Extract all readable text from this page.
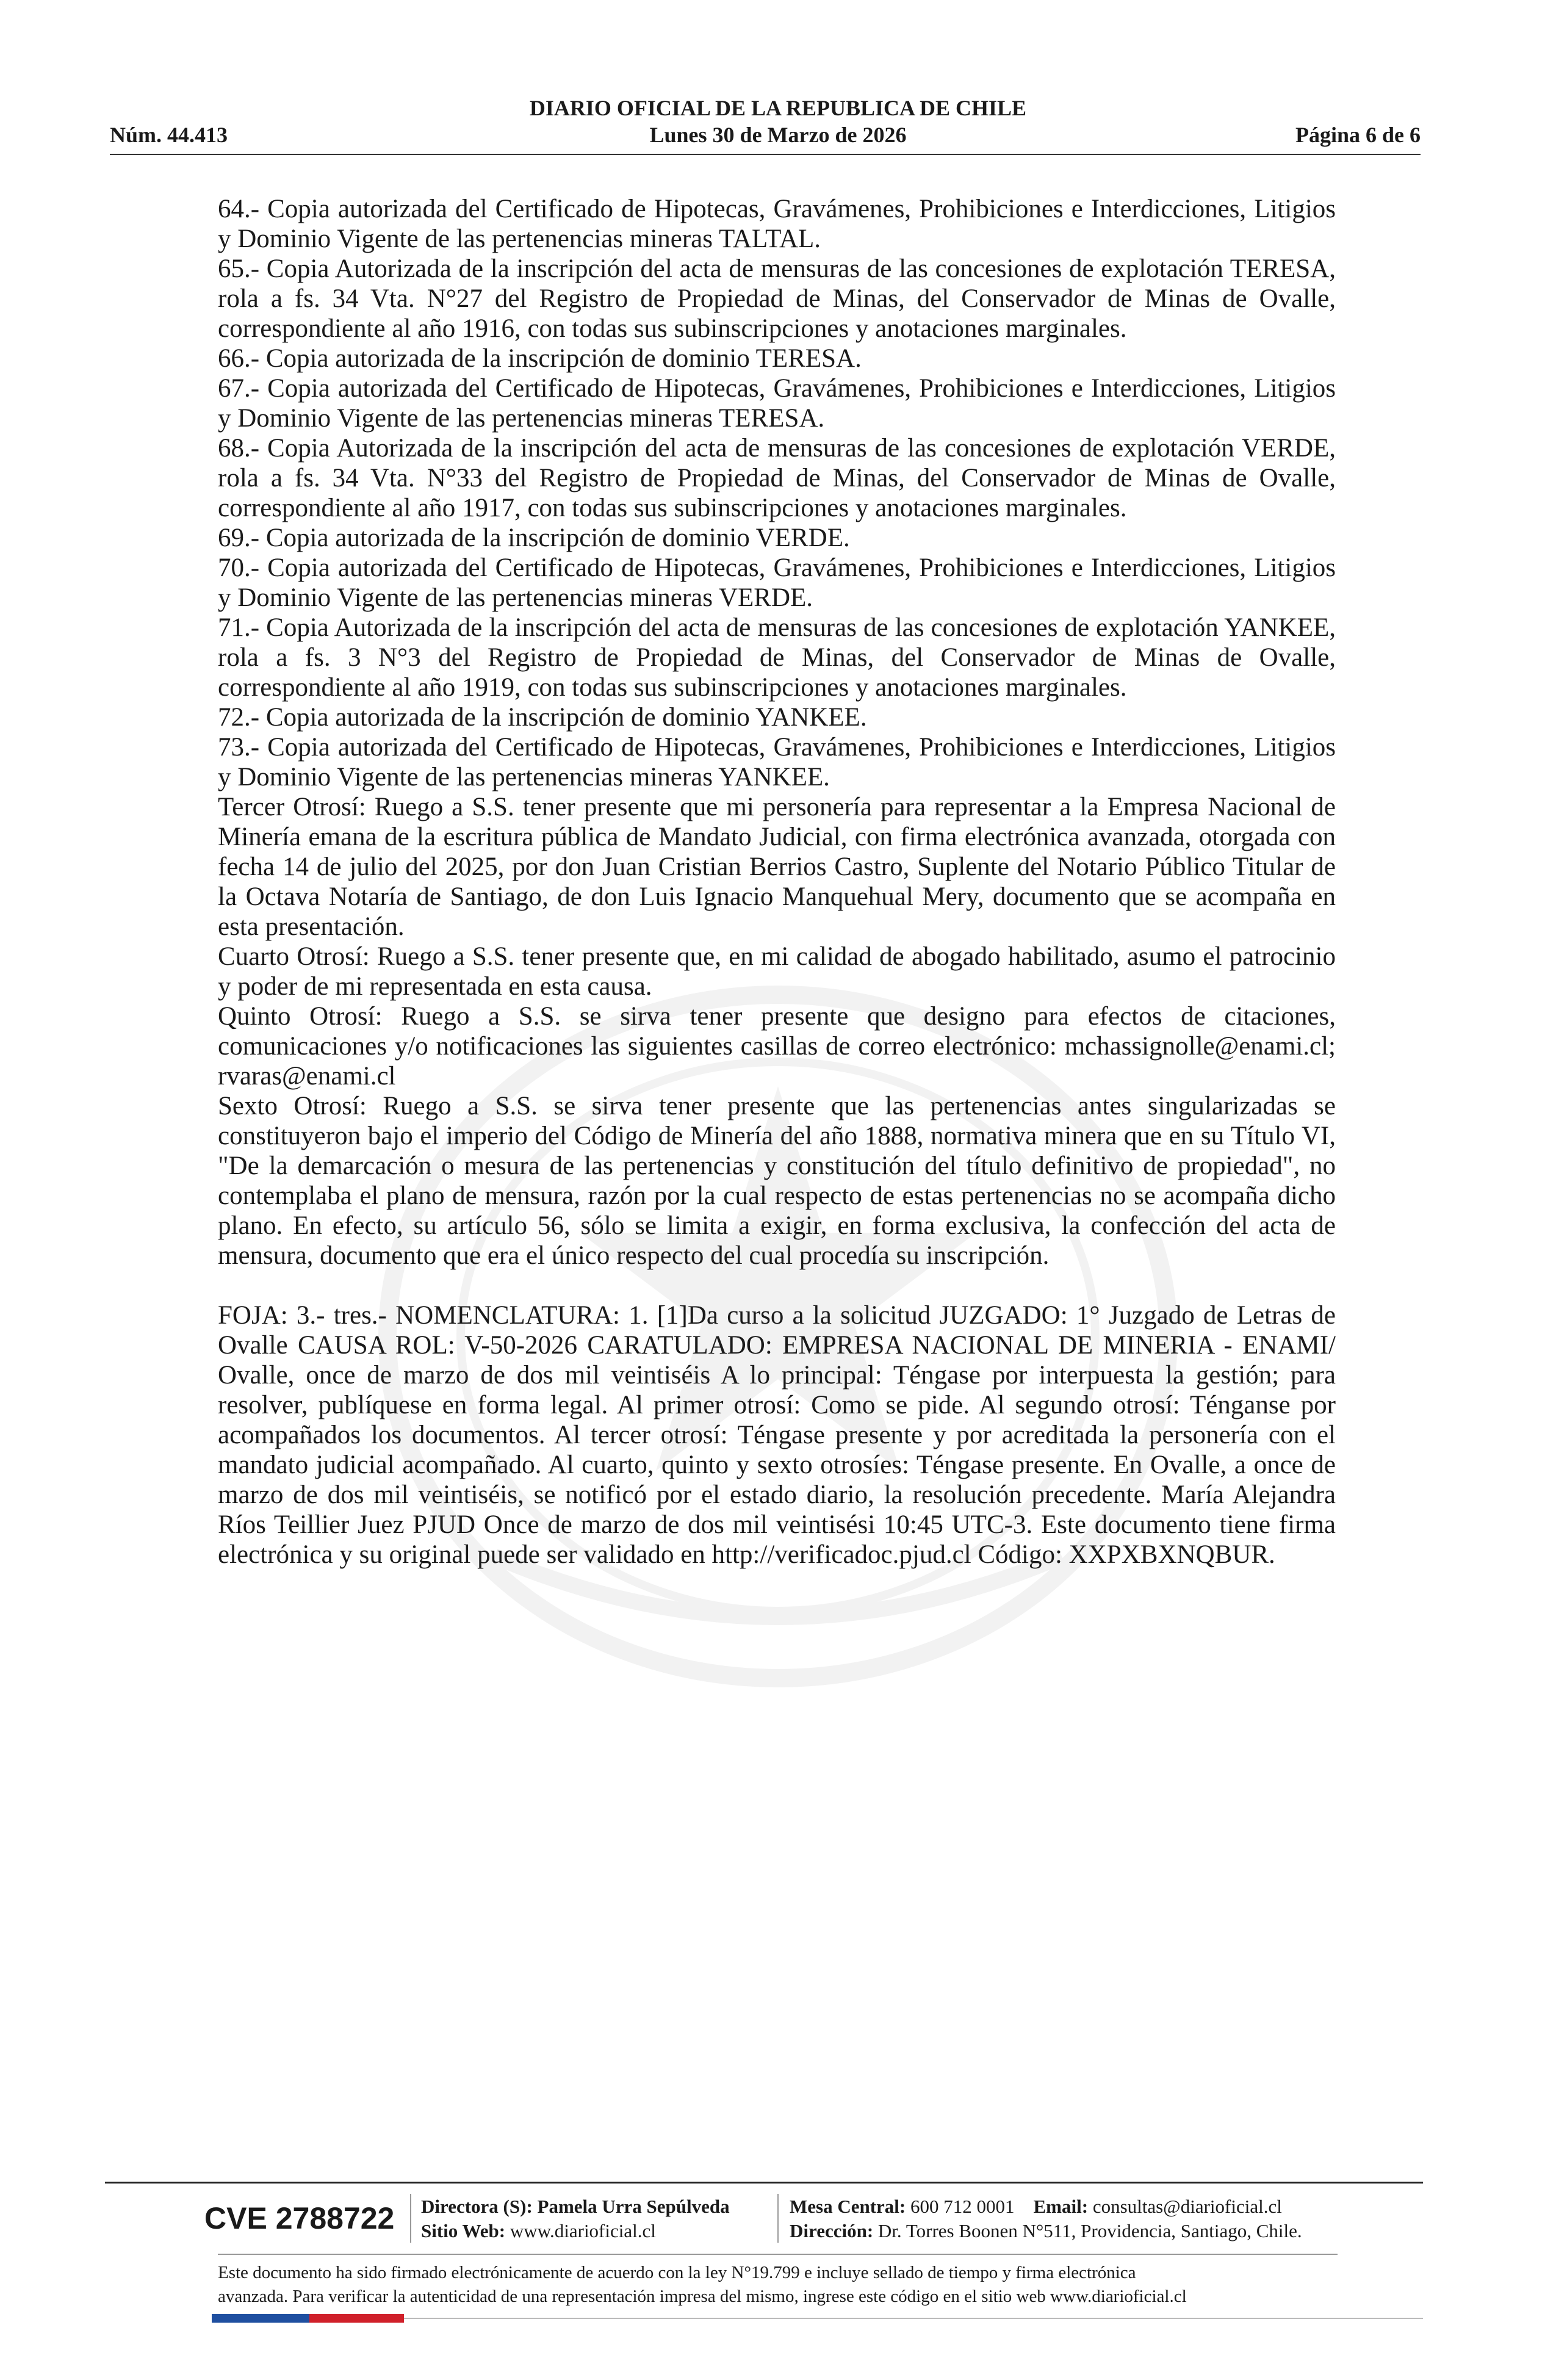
DIARIO OFICIAL DE LA REPUBLICA DE CHILE
Núm. 44.413	Lunes 30 de Marzo de 2026	Página 6 de 6

64.- Copia autorizada del Certificado de Hipotecas, Gravámenes, Prohibiciones e Interdicciones, Litigios y Dominio Vigente de las pertenencias mineras TALTAL.

65.- Copia Autorizada de la inscripción del acta de mensuras de las concesiones de explotación TERESA, rola a fs. 34 Vta. N°27 del Registro de Propiedad de Minas, del Conservador de Minas de Ovalle, correspondiente al año 1916, con todas sus subinscripciones y anotaciones marginales.

66.- Copia autorizada de la inscripción de dominio TERESA.

67.- Copia autorizada del Certificado de Hipotecas, Gravámenes, Prohibiciones e Interdicciones, Litigios y Dominio Vigente de las pertenencias mineras TERESA.

68.- Copia Autorizada de la inscripción del acta de mensuras de las concesiones de explotación VERDE, rola a fs. 34 Vta. N°33 del Registro de Propiedad de Minas, del Conservador de Minas de Ovalle, correspondiente al año 1917, con todas sus subinscripciones y anotaciones marginales.

69.- Copia autorizada de la inscripción de dominio VERDE.

70.- Copia autorizada del Certificado de Hipotecas, Gravámenes, Prohibiciones e Interdicciones, Litigios y Dominio Vigente de las pertenencias mineras VERDE.

71.- Copia Autorizada de la inscripción del acta de mensuras de las concesiones de explotación YANKEE, rola a fs. 3 N°3 del Registro de Propiedad de Minas, del Conservador de Minas de Ovalle, correspondiente al año 1919, con todas sus subinscripciones y anotaciones marginales.

72.- Copia autorizada de la inscripción de dominio YANKEE.

73.- Copia autorizada del Certificado de Hipotecas, Gravámenes, Prohibiciones e Interdicciones, Litigios y Dominio Vigente de las pertenencias mineras YANKEE.

Tercer Otrosí: Ruego a S.S. tener presente que mi personería para representar a la Empresa Nacional de Minería emana de la escritura pública de Mandato Judicial, con firma electrónica avanzada, otorgada con fecha 14 de julio del 2025, por don Juan Cristian Berrios Castro, Suplente del Notario Público Titular de la Octava Notaría de Santiago, de don Luis Ignacio Manquehual Mery, documento que se acompaña en esta presentación.

Cuarto Otrosí: Ruego a S.S. tener presente que, en mi calidad de abogado habilitado, asumo el patrocinio y poder de mi representada en esta causa.

Quinto Otrosí: Ruego a S.S. se sirva tener presente que designo para efectos de citaciones, comunicaciones y/o notificaciones las siguientes casillas de correo electrónico: mchassignolle@enami.cl; rvaras@enami.cl

Sexto Otrosí: Ruego a S.S. se sirva tener presente que las pertenencias antes singularizadas se constituyeron bajo el imperio del Código de Minería del año 1888, normativa minera que en su Título VI, "De la demarcación o mesura de las pertenencias y constitución del título definitivo de propiedad", no contemplaba el plano de mensura, razón por la cual respecto de estas pertenencias no se acompaña dicho plano. En efecto, su artículo 56, sólo se limita a exigir, en forma exclusiva, la confección del acta de mensura, documento que era el único respecto del cual procedía su inscripción.

FOJA: 3.- tres.- NOMENCLATURA: 1. [1]Da curso a la solicitud JUZGADO: 1° Juzgado de Letras de Ovalle CAUSA ROL: V-50-2026 CARATULADO: EMPRESA NACIONAL DE MINERIA - ENAMI/ Ovalle, once de marzo de dos mil veintiséis A lo principal: Téngase por interpuesta la gestión; para resolver, publíquese en forma legal. Al primer otrosí: Como se pide. Al segundo otrosí: Ténganse por acompañados los documentos. Al tercer otrosí: Téngase presente y por acreditada la personería con el mandato judicial acompañado. Al cuarto, quinto y sexto otrosíes: Téngase presente. En Ovalle, a once de marzo de dos mil veintiséis, se notificó por el estado diario, la resolución precedente. María Alejandra Ríos Teillier Juez PJUD Once de marzo de dos mil veintisési 10:45 UTC-3. Este documento tiene firma electrónica y su original puede ser validado en http://verificadoc.pjud.cl Código: XXPXBXNQBUR.

CVE 2788722	Directora (S): Pamela Urra Sepúlveda
Sitio Web: www.diarioficial.cl
Mesa Central: 600 712 0001 Email: consultas@diarioficial.cl
Dirección: Dr. Torres Boonen N°511, Providencia, Santiago, Chile.
Este documento ha sido firmado electrónicamente de acuerdo con la ley N°19.799 e incluye sellado de tiempo y firma electrónica
avanzada. Para verificar la autenticidad de una representación impresa del mismo, ingrese este código en el sitio web www.diarioficial.cl
